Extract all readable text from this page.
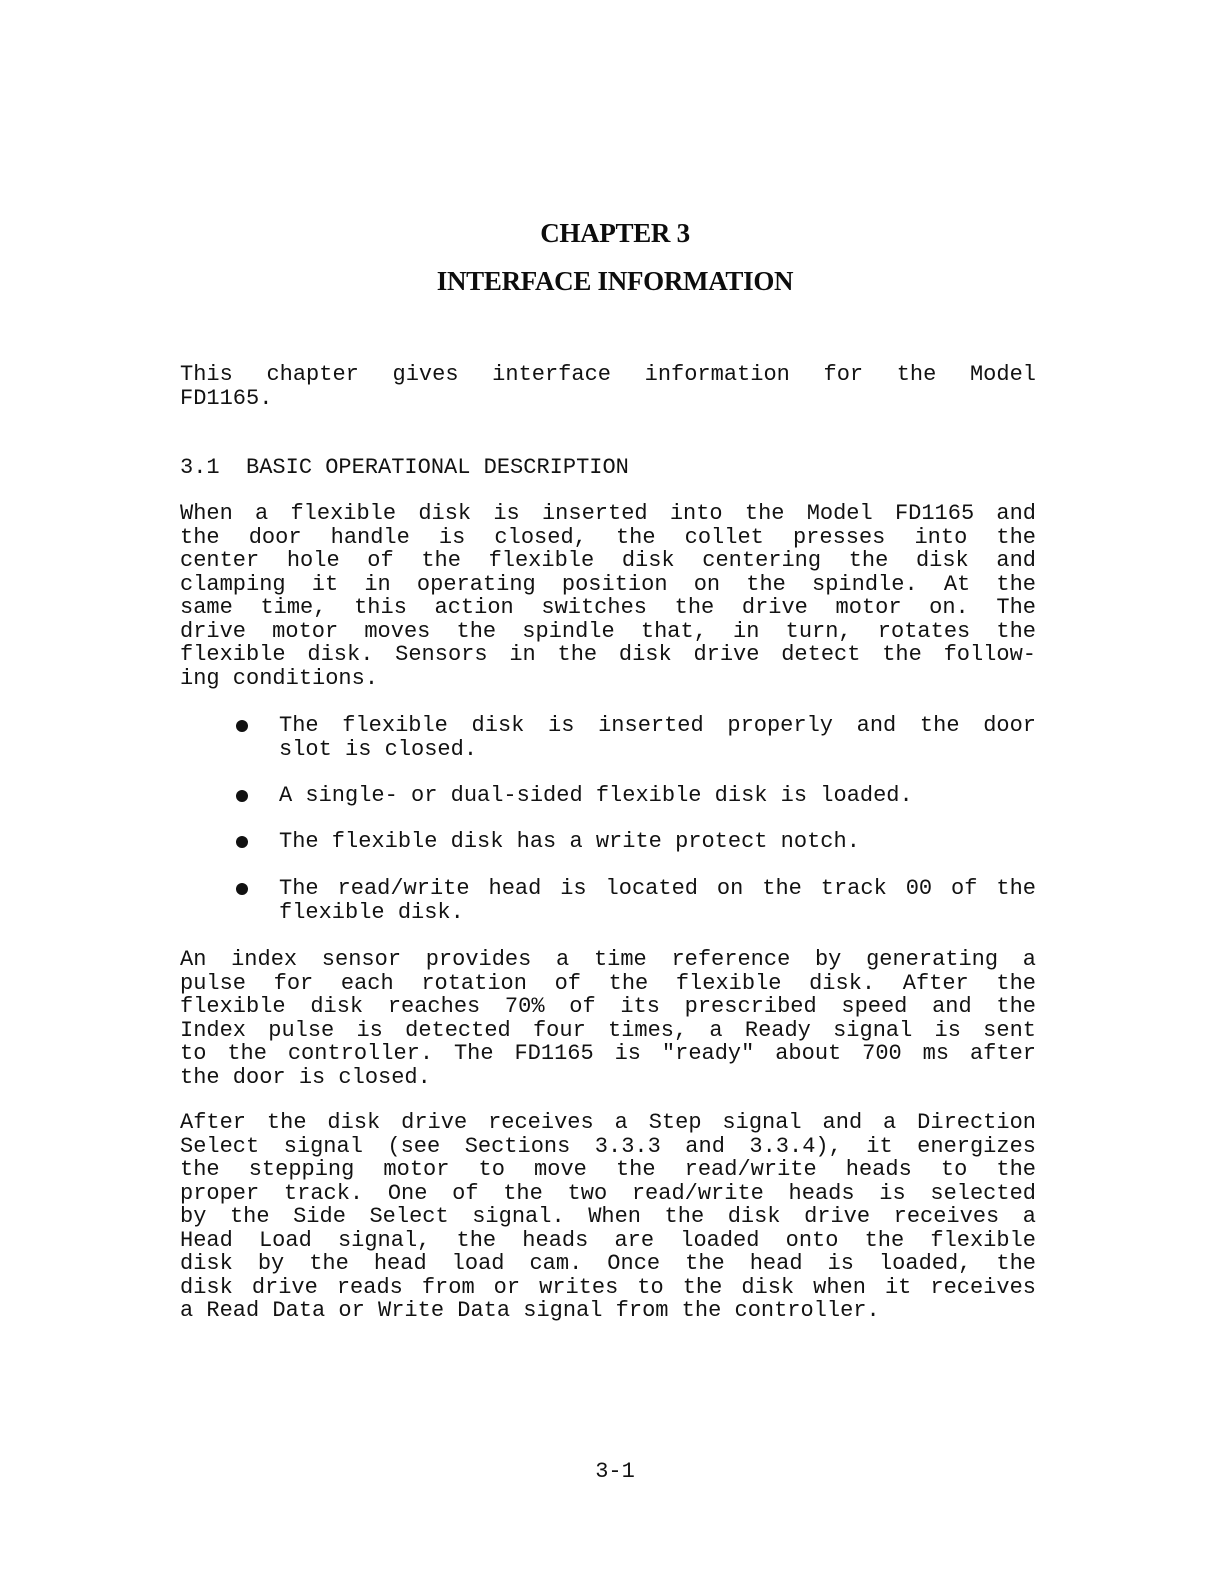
CHAPTER 3
INTERFACE INFORMATION
This chapter gives interface information for the Model
FD1165.
3.1  BASIC OPERATIONAL DESCRIPTION
When a flexible disk is inserted into the Model FD1165 and
the door handle is closed, the collet presses into the
center hole of the flexible disk centering the disk and
clamping it in operating position on the spindle. At the
same time, this action switches the drive motor on. The
drive motor moves the spindle that, in turn, rotates the
flexible disk. Sensors in the disk drive detect the follow-
ing conditions.
The flexible disk is inserted properly and the door
slot is closed.
A single- or dual-sided flexible disk is loaded.
The flexible disk has a write protect notch.
The read/write head is located on the track 00 of the
flexible disk.
An index sensor provides a time reference by generating a
pulse for each rotation of the flexible disk. After the
flexible disk reaches 70% of its prescribed speed and the
Index pulse is detected four times, a Ready signal is sent
to the controller. The FD1165 is "ready" about 700 ms after
the door is closed.
After the disk drive receives a Step signal and a Direction
Select signal (see Sections 3.3.3 and 3.3.4), it energizes
the stepping motor to move the read/write heads to the
proper track. One of the two read/write heads is selected
by the Side Select signal. When the disk drive receives a
Head Load signal, the heads are loaded onto the flexible
disk by the head load cam. Once the head is loaded, the
disk drive reads from or writes to the disk when it receives
a Read Data or Write Data signal from the controller.
3-1
